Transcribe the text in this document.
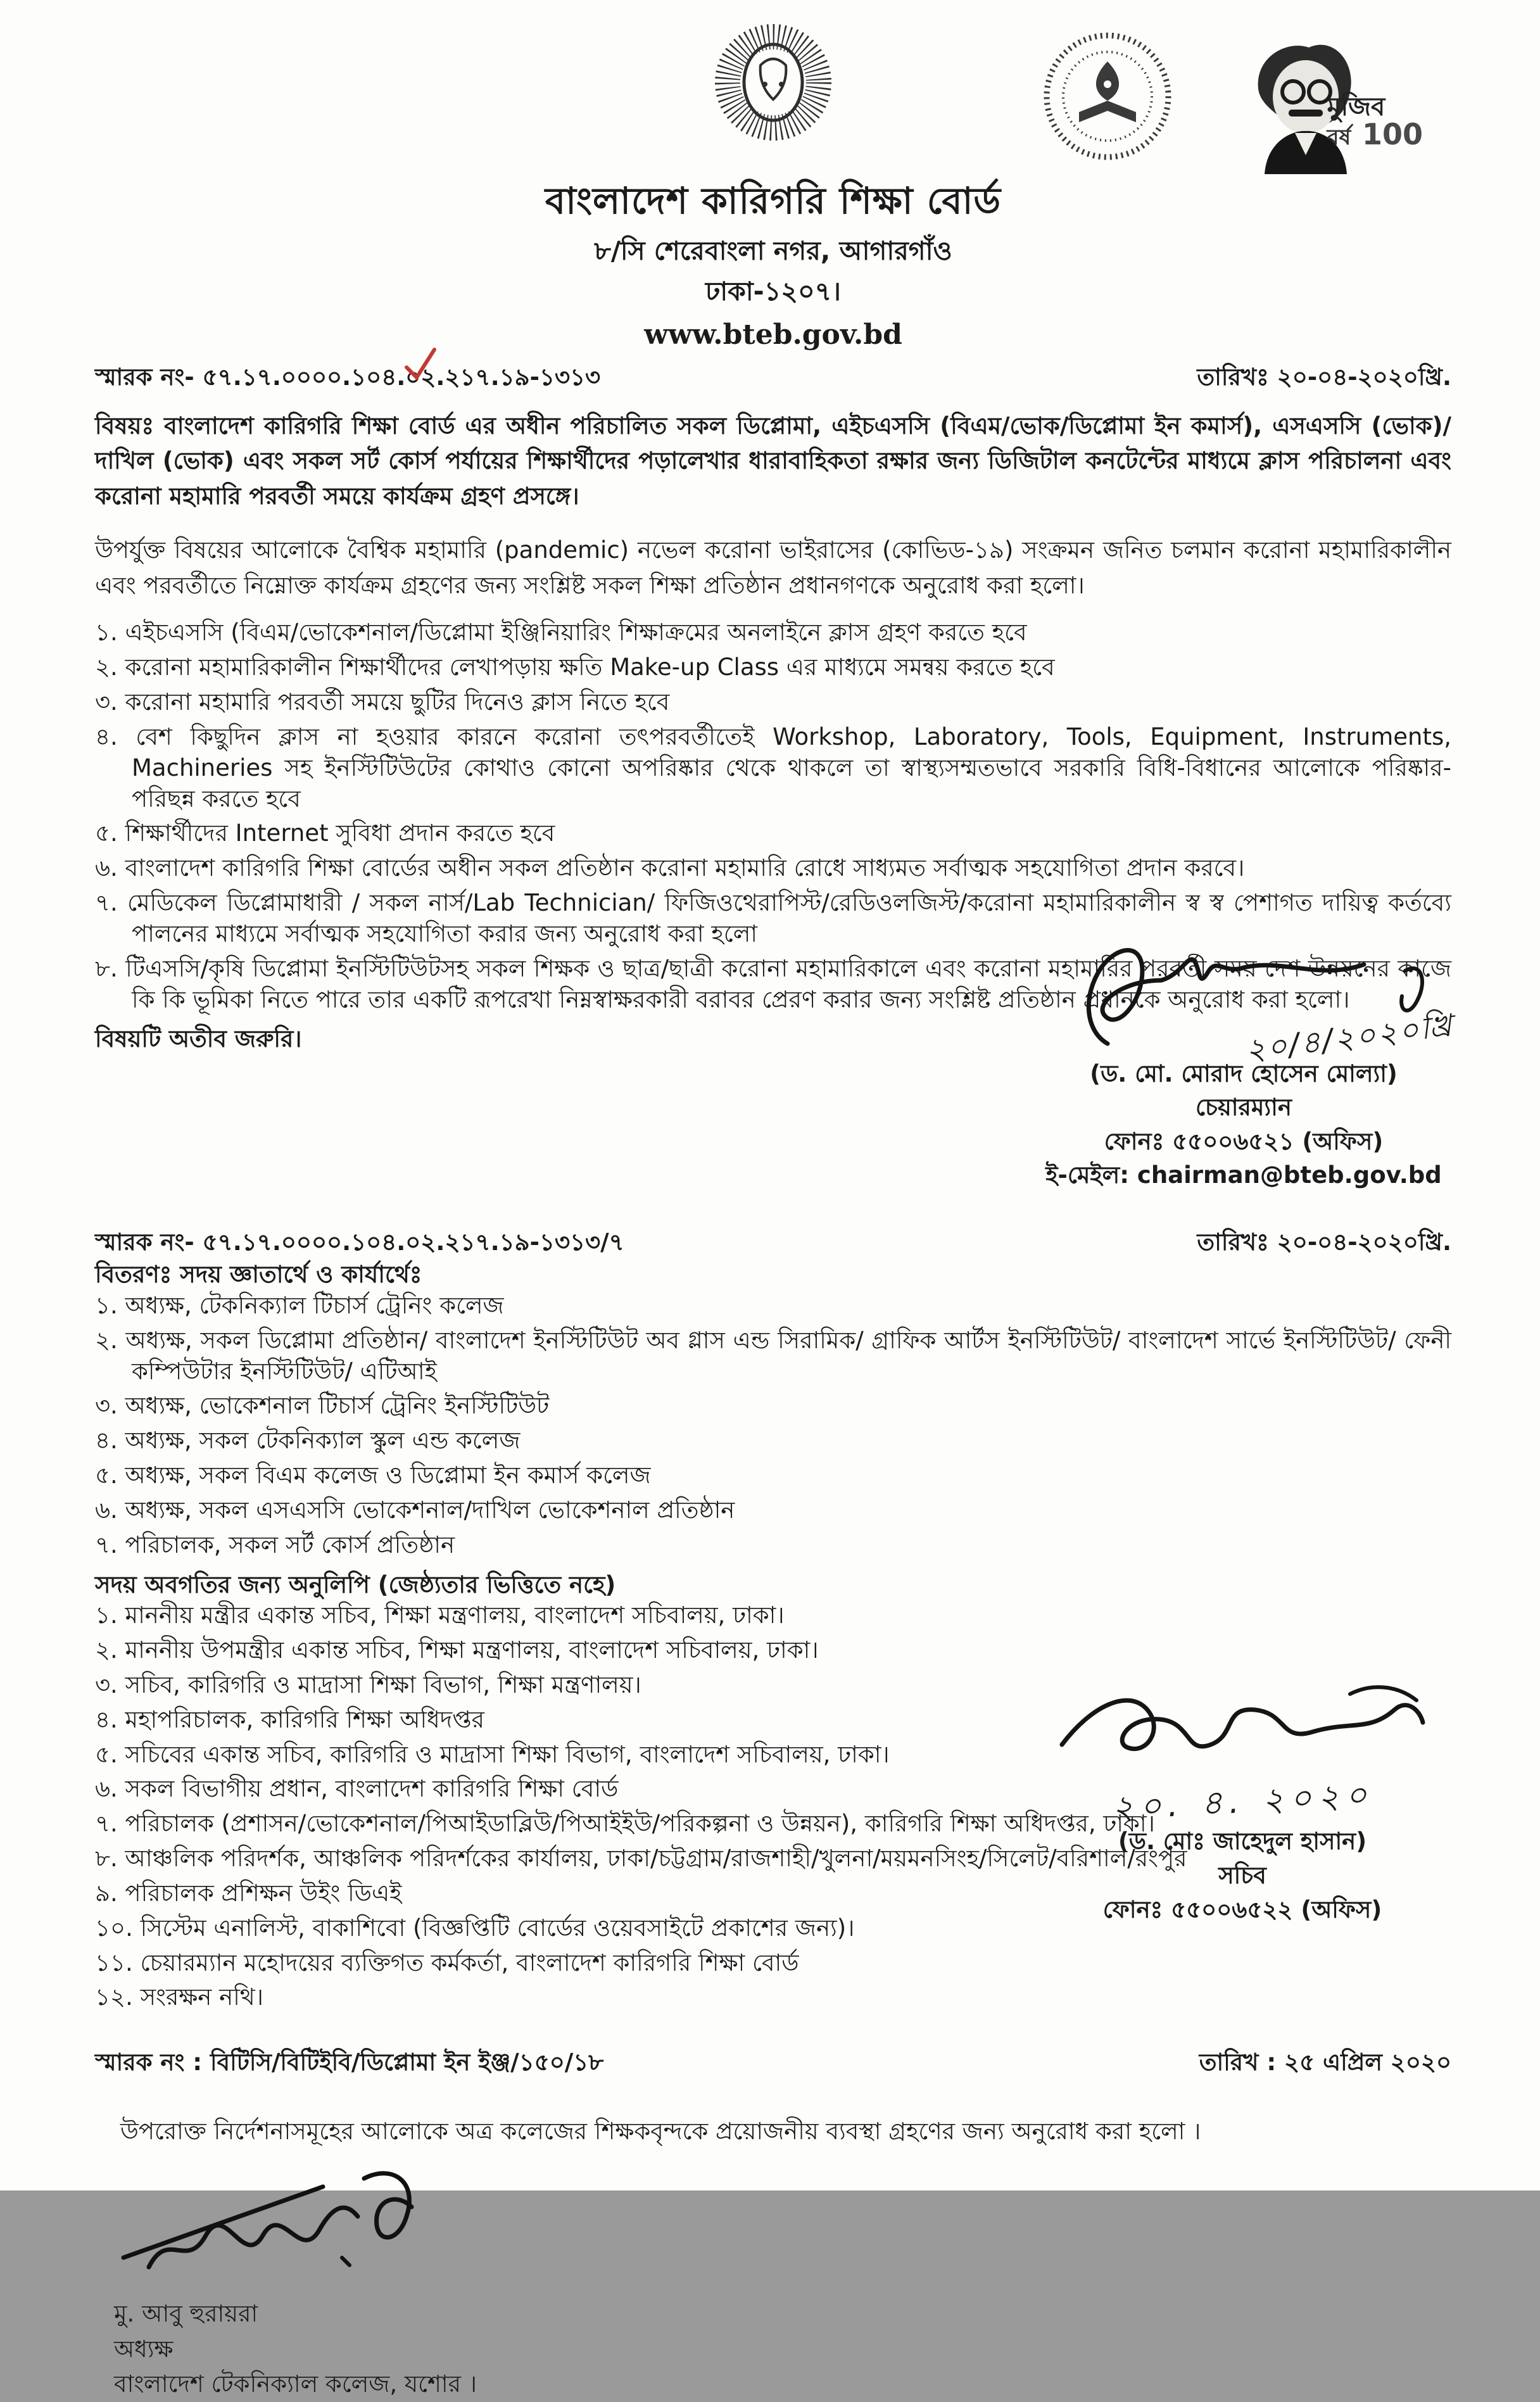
মুজিব
বর্ষ 100
বাংলাদেশ কারিগরি শিক্ষা বোর্ড
৮/সি শেরেবাংলা নগর, আগারগাঁও
ঢাকা-১২০৭।
www.bteb.gov.bd
স্মারক নং- ৫৭.১৭.০০০০.১০৪.০২.২১৭.১৯-১৩১৩	তারিখঃ ২০-০৪-২০২০খ্রি.
বিষয়ঃ বাংলাদেশ কারিগরি শিক্ষা বোর্ড এর অধীন পরিচালিত সকল ডিপ্লোমা, এইচএসসি (বিএম/ভোক/ডিপ্লোমা ইন কমার্স), এসএসসি (ভোক)/দাখিল (ভোক) এবং সকল সর্ট কোর্স পর্যায়ের শিক্ষার্থীদের পড়ালেখার ধারাবাহিকতা রক্ষার জন্য ডিজিটাল কনটেন্টের মাধ্যমে ক্লাস পরিচালনা এবং করোনা মহামারি পরবর্তী সময়ে কার্যক্রম গ্রহণ প্রসঙ্গে।
উপর্যুক্ত বিষয়ের আলোকে বৈশ্বিক মহামারি (pandemic) নভেল করোনা ভাইরাসের (কোভিড-১৯) সংক্রমন জনিত চলমান করোনা মহামারিকালীন এবং পরবর্তীতে নিম্নোক্ত কার্যক্রম গ্রহণের জন্য সংশ্লিষ্ট সকল শিক্ষা প্রতিষ্ঠান প্রধানগণকে অনুরোধ করা হলো।
১. এইচএসসি (বিএম/ভোকেশনাল/ডিপ্লোমা ইঞ্জিনিয়ারিং শিক্ষাক্রমের অনলাইনে ক্লাস গ্রহণ করতে হবে
২. করোনা মহামারিকালীন শিক্ষার্থীদের লেখাপড়ায় ক্ষতি Make-up Class এর মাধ্যমে সমন্বয় করতে হবে
৩. করোনা মহামারি পরবর্তী সময়ে ছুটির দিনেও ক্লাস নিতে হবে
৪. বেশ কিছুদিন ক্লাস না হওয়ার কারনে করোনা তৎপরবর্তীতেই Workshop, Laboratory, Tools, Equipment, Instruments, Machineries সহ ইনস্টিটিউটের কোথাও কোনো অপরিষ্কার থেকে থাকলে তা স্বাস্থ্যসম্মতভাবে সরকারি বিধি-বিধানের আলোকে পরিষ্কার-পরিছন্ন করতে হবে
৫. শিক্ষার্থীদের Internet সুবিধা প্রদান করতে হবে
৬. বাংলাদেশ কারিগরি শিক্ষা বোর্ডের অধীন সকল প্রতিষ্ঠান করোনা মহামারি রোধে সাধ্যমত সর্বাত্মক সহযোগিতা প্রদান করবে।
৭. মেডিকেল ডিপ্লোমাধারী / সকল নার্স/Lab Technician/ ফিজিওথেরাপিস্ট/রেডিওলজিস্ট/করোনা মহামারিকালীন স্ব স্ব পেশাগত দায়িত্ব কর্তব্যে পালনের মাধ্যমে সর্বাত্মক সহযোগিতা করার জন্য অনুরোধ করা হলো
৮. টিএসসি/কৃষি ডিপ্লোমা ইনস্টিটিউটসহ সকল শিক্ষক ও ছাত্র/ছাত্রী করোনা মহামারিকালে এবং করোনা মহামারির পরবর্তী সময় দেশ উন্নয়নের কাজে কি কি ভূমিকা নিতে পারে তার একটি রূপরেখা নিম্নস্বাক্ষরকারী বরাবর প্রেরণ করার জন্য সংশ্লিষ্ট প্রতিষ্ঠান প্রধানকে অনুরোধ করা হলো।
বিষয়টি অতীব জরুরি।
স্মারক নং- ৫৭.১৭.০০০০.১০৪.০২.২১৭.১৯-১৩১৩/৭	তারিখঃ ২০-০৪-২০২০খ্রি.
বিতরণঃ সদয় জ্ঞাতার্থে ও কার্যার্থেঃ
১. অধ্যক্ষ, টেকনিক্যাল টিচার্স ট্রেনিং কলেজ
২. অধ্যক্ষ, সকল ডিপ্লোমা প্রতিষ্ঠান/ বাংলাদেশ ইনস্টিটিউট অব গ্লাস এন্ড সিরামিক/ গ্রাফিক আর্টস ইনস্টিটিউট/ বাংলাদেশ সার্ভে ইনস্টিটিউট/ ফেনী কম্পিউটার ইনস্টিটিউট/ এটিআই
৩. অধ্যক্ষ, ভোকেশনাল টিচার্স ট্রেনিং ইনস্টিটিউট
৪. অধ্যক্ষ, সকল টেকনিক্যাল স্কুল এন্ড কলেজ
৫. অধ্যক্ষ, সকল বিএম কলেজ ও ডিপ্লোমা ইন কমার্স কলেজ
৬. অধ্যক্ষ, সকল এসএসসি ভোকেশনাল/দাখিল ভোকেশনাল প্রতিষ্ঠান
৭. পরিচালক, সকল সর্ট কোর্স প্রতিষ্ঠান
সদয় অবগতির জন্য অনুলিপি (জেষ্ঠ্যতার ভিত্তিতে নহে)
১. মাননীয় মন্ত্রীর একান্ত সচিব, শিক্ষা মন্ত্রণালয়, বাংলাদেশ সচিবালয়, ঢাকা।
২. মাননীয় উপমন্ত্রীর একান্ত সচিব, শিক্ষা মন্ত্রণালয়, বাংলাদেশ সচিবালয়, ঢাকা।
৩. সচিব, কারিগরি ও মাদ্রাসা শিক্ষা বিভাগ, শিক্ষা মন্ত্রণালয়।
৪. মহাপরিচালক, কারিগরি শিক্ষা অধিদপ্তর
৫. সচিবের একান্ত সচিব, কারিগরি ও মাদ্রাসা শিক্ষা বিভাগ, বাংলাদেশ সচিবালয়, ঢাকা।
৬. সকল বিভাগীয় প্রধান, বাংলাদেশ কারিগরি শিক্ষা বোর্ড
৭. পরিচালক (প্রশাসন/ভোকেশনাল/পিআইডাব্লিউ/পিআইইউ/পরিকল্পনা ও উন্নয়ন), কারিগরি শিক্ষা অধিদপ্তর, ঢাকা।
৮. আঞ্চলিক পরিদর্শক, আঞ্চলিক পরিদর্শকের কার্যালয়, ঢাকা/চট্টগ্রাম/রাজশাহী/খুলনা/ময়মনসিংহ/সিলেট/বরিশাল/রংপুর
৯. পরিচালক প্রশিক্ষন উইং ডিএই
১০. সিস্টেম এনালিস্ট, বাকাশিবো (বিজ্ঞপ্তিটি বোর্ডের ওয়েবসাইটে প্রকাশের জন্য)।
১১. চেয়ারম্যান মহোদয়ের ব্যক্তিগত কর্মকর্তা, বাংলাদেশ কারিগরি শিক্ষা বোর্ড
১২. সংরক্ষন নথি।
স্মারক নং : বিটিসি/বিটিইবি/ডিপ্লোমা ইন ইঞ্জ/১৫০/১৮	তারিখ : ২৫ এপ্রিল ২০২০
উপরোক্ত নির্দেশনাসমূহের আলোকে অত্র কলেজের শিক্ষকবৃন্দকে প্রয়োজনীয় ব্যবস্থা গ্রহণের জন্য অনুরোধ করা হলো ।
মু. আবু হুরায়রা
অধ্যক্ষ
বাংলাদেশ টেকনিক্যাল কলেজ, যশোর ।
২০/৪/২০২০খ্রি
(ড. মো. মোরাদ হোসেন মোল্যা)
চেয়ারম্যান
ফোনঃ ৫৫০০৬৫২১ (অফিস)
ই-মেইল: chairman@bteb.gov.bd
২০. ৪. ২০২০
(ড. মোঃ জাহেদুল হাসান)
সচিব
ফোনঃ ৫৫০০৬৫২২ (অফিস)
